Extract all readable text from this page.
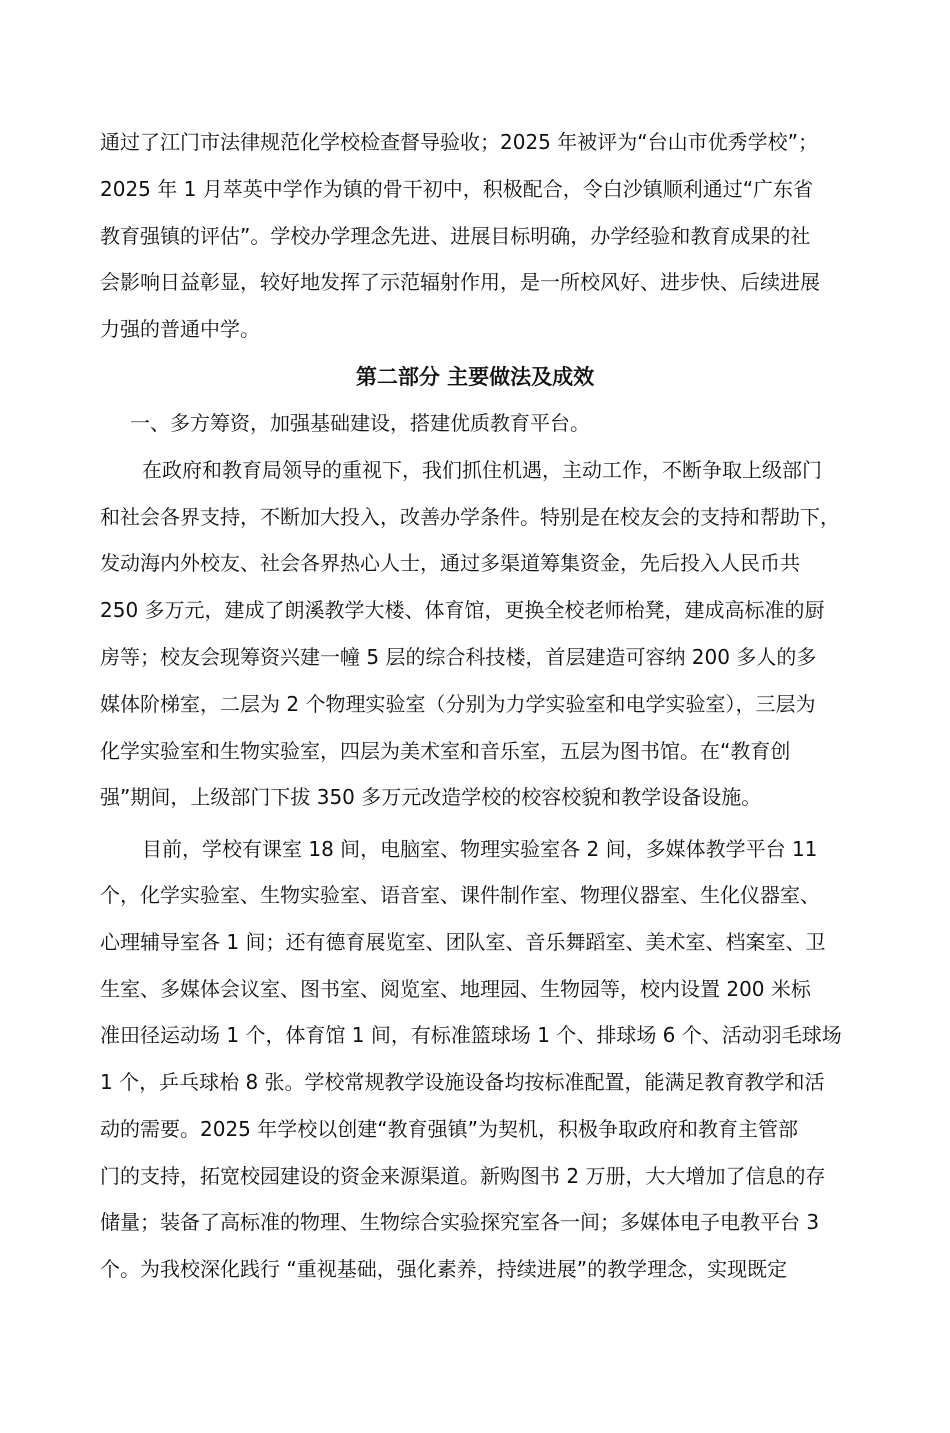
通过了江门市法律规范化学校检查督导验收；2025 年被评为“台山市优秀学校”；
2025 年 1 月萃英中学作为镇的骨干初中，积极配合，令白沙镇顺利通过“广东省
教育强镇的评估”。学校办学理念先进、进展目标明确，办学经验和教育成果的社
会影响日益彰显，较好地发挥了示范辐射作用，是一所校风好、进步快、后续进展
力强的普通中学。
第二部分 主要做法及成效
一、多方筹资，加强基础建设，搭建优质教育平台。
在政府和教育局领导的重视下，我们抓住机遇，主动工作，不断争取上级部门
和社会各界支持，不断加大投入，改善办学条件。特别是在校友会的支持和帮助下，
发动海内外校友、社会各界热心人士，通过多渠道筹集资金，先后投入人民币共
250 多万元，建成了朗溪教学大楼、体育馆，更换全校老师枱凳，建成高标准的厨
房等；校友会现筹资兴建一幢 5 层的综合科技楼，首层建造可容纳 200 多人的多
媒体阶梯室，二层为 2 个物理实验室（分别为力学实验室和电学实验室），三层为
化学实验室和生物实验室，四层为美术室和音乐室，五层为图书馆。在“教育创
强”期间，上级部门下拔 350 多万元改造学校的校容校貌和教学设备设施。
目前，学校有课室 18 间，电脑室、物理实验室各 2 间，多媒体教学平台 11
个，化学实验室、生物实验室、语音室、课件制作室、物理仪器室、生化仪器室、
心理辅导室各 1 间；还有德育展览室、团队室、音乐舞蹈室、美术室、档案室、卫
生室、多媒体会议室、图书室、阅览室、地理园、生物园等，校内设置 200 米标
准田径运动场 1 个，体育馆 1 间，有标准篮球场 1 个、排球场 6 个、活动羽毛球场
1 个，乒乓球枱 8 张。学校常规教学设施设备均按标准配置，能满足教育教学和活
动的需要。2025 年学校以创建“教育强镇”为契机，积极争取政府和教育主管部
门的支持，拓宽校园建设的资金来源渠道。新购图书 2 万册，大大增加了信息的存
储量；装备了高标准的物理、生物综合实验探究室各一间；多媒体电子电教平台 3
个。为我校深化践行 “重视基础，强化素养，持续进展”的教学理念，实现既定
